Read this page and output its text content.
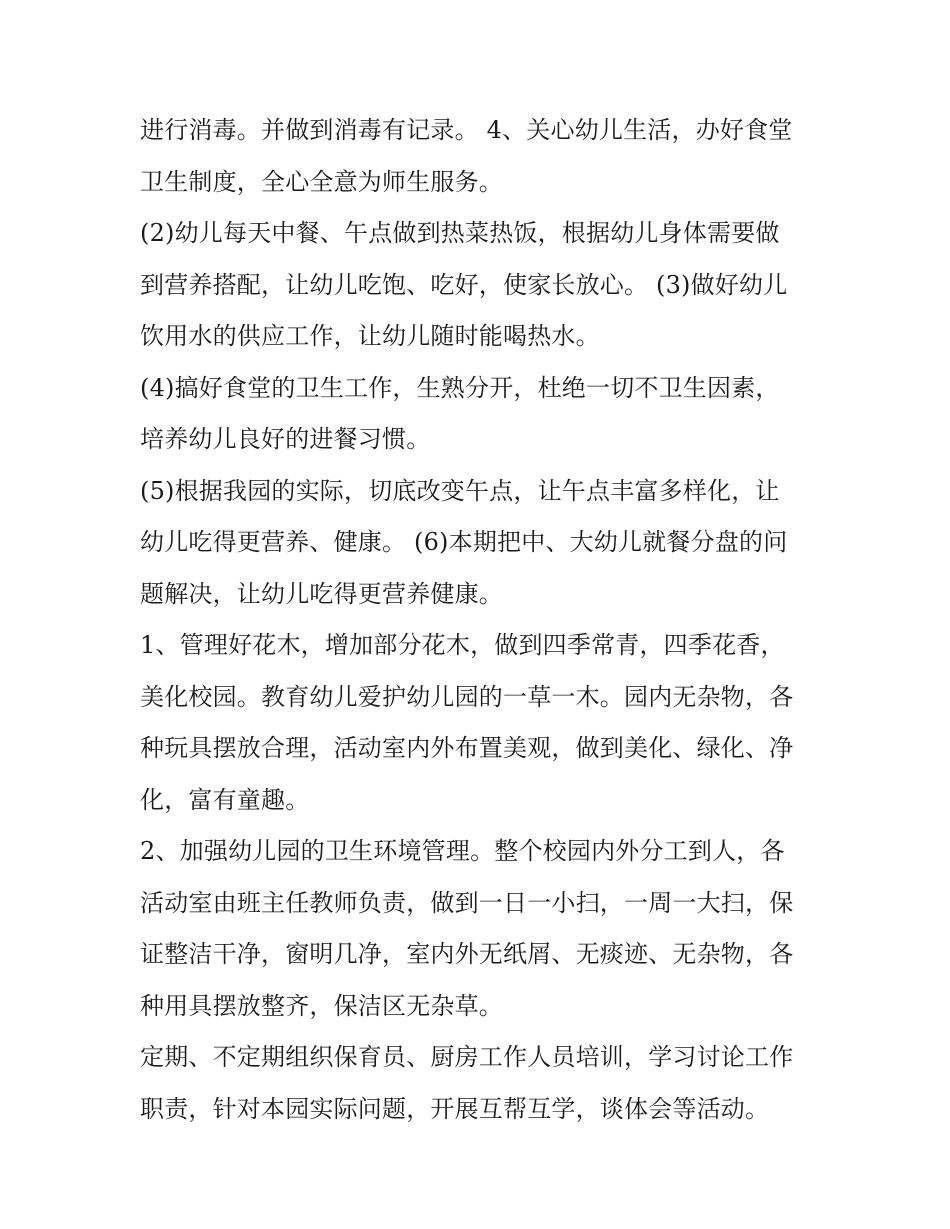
进行消毒。并做到消毒有记录。 4、关心幼儿生活，办好食堂
卫生制度，全心全意为师生服务。
(2)幼儿每天中餐、午点做到热菜热饭，根据幼儿身体需要做
到营养搭配，让幼儿吃饱、吃好，使家长放心。 (3)做好幼儿
饮用水的供应工作，让幼儿随时能喝热水。
(4)搞好食堂的卫生工作，生熟分开，杜绝一切不卫生因素，
培养幼儿良好的进餐习惯。
(5)根据我园的实际，切底改变午点，让午点丰富多样化，让
幼儿吃得更营养、健康。 (6)本期把中、大幼儿就餐分盘的问
题解决，让幼儿吃得更营养健康。
1、管理好花木，增加部分花木，做到四季常青，四季花香，
美化校园。教育幼儿爱护幼儿园的一草一木。园内无杂物，各
种玩具摆放合理，活动室内外布置美观，做到美化、绿化、净
化，富有童趣。
2、加强幼儿园的卫生环境管理。整个校园内外分工到人，各
活动室由班主任教师负责，做到一日一小扫，一周一大扫，保
证整洁干净，窗明几净，室内外无纸屑、无痰迹、无杂物，各
种用具摆放整齐，保洁区无杂草。
定期、不定期组织保育员、厨房工作人员培训，学习讨论工作
职责，针对本园实际问题，开展互帮互学，谈体会等活动。
